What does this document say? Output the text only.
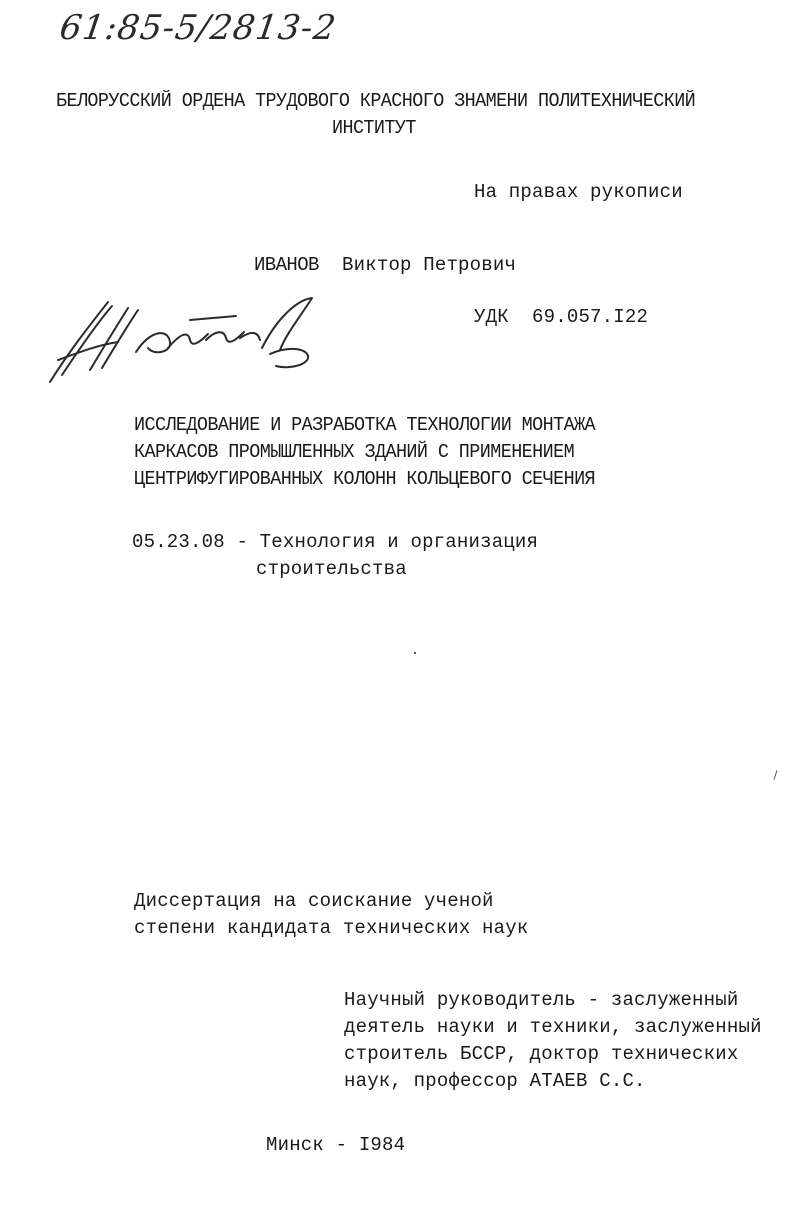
61:85-5/2813-2
БЕЛОРУССКИЙ ОРДЕНА ТРУДОВОГО КРАСНОГО ЗНАМЕНИ ПОЛИТЕХНИЧЕСКИЙ
ИНСТИТУТ
На правах рукописи
ИВАНОВ Виктор Петрович
УДК 69.057.I22
ИССЛЕДОВАНИЕ И РАЗРАБОТКА ТЕХНОЛОГИИ МОНТАЖА
КАРКАСОВ ПРОМЫШЛЕННЫХ ЗДАНИЙ С ПРИМЕНЕНИЕМ
ЦЕНТРИФУГИРОВАННЫХ КОЛОНН КОЛЬЦЕВОГО СЕЧЕНИЯ
05.23.08 - Технология и организация
строительства
Диссертация на соискание ученой
степени кандидата технических наук
Научный руководитель - заслуженный
деятель науки и техники, заслуженный
строитель БССР, доктор технических
наук, профессор АТАЕВ С.С.
Минск - I984
